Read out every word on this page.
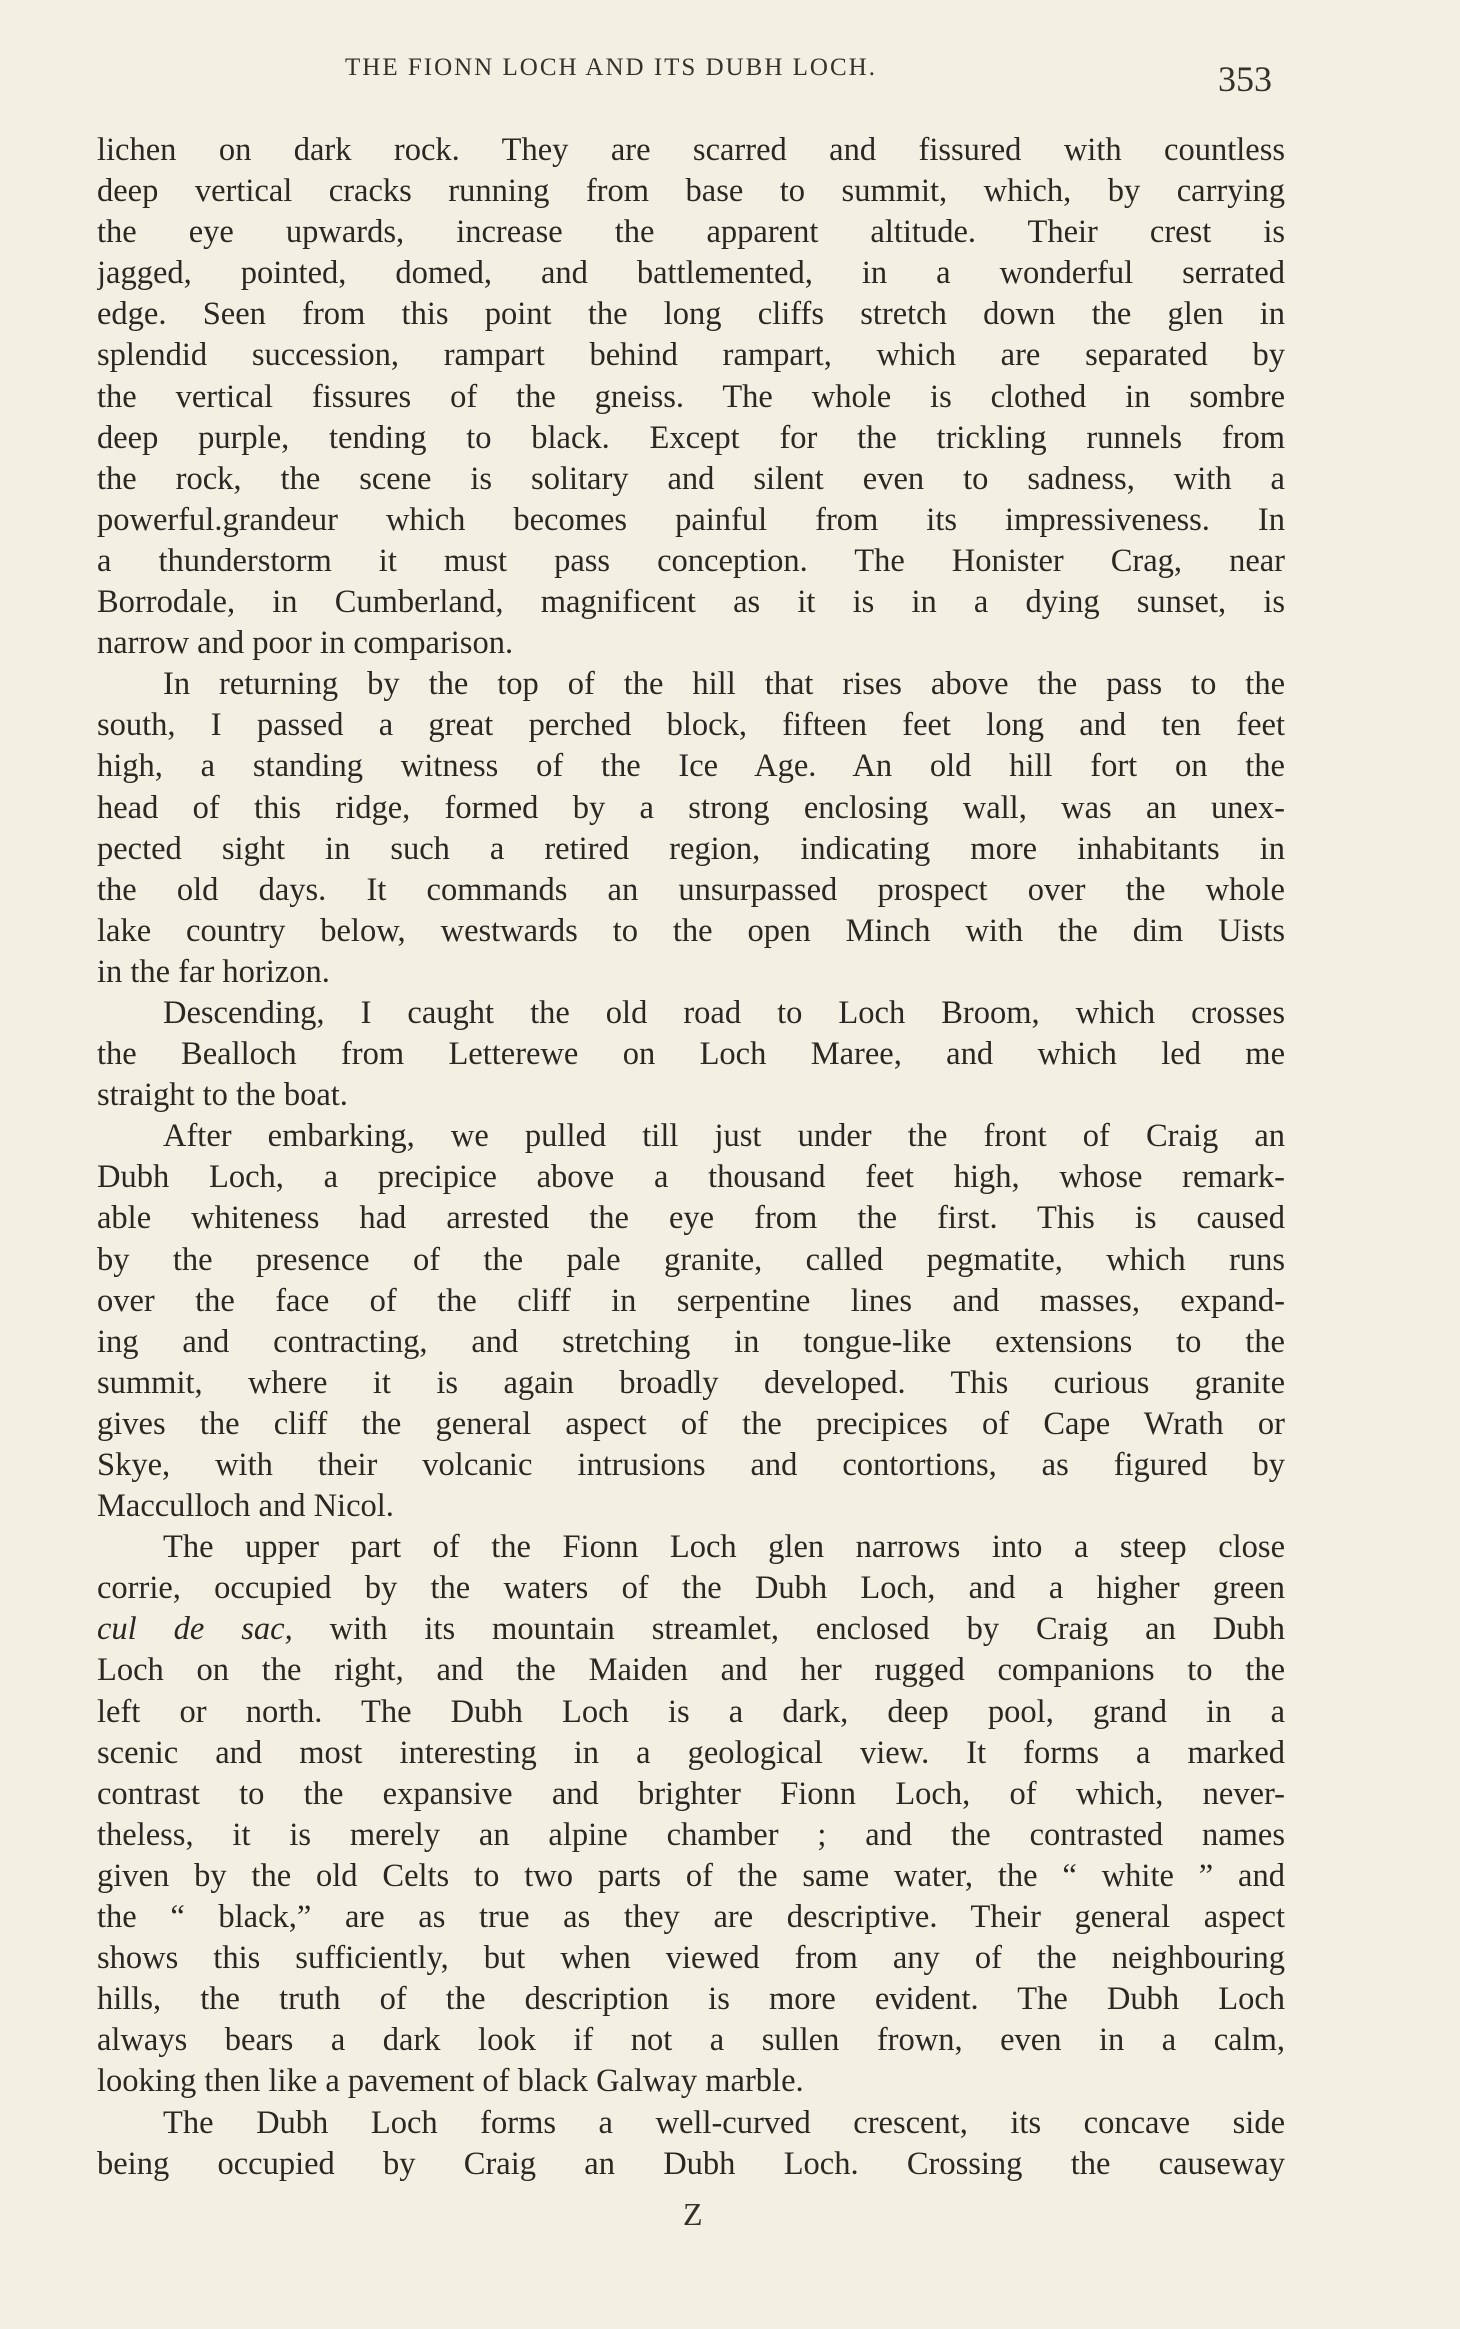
THE FIONN LOCH AND ITS DUBH LOCH.	353
lichen on dark rock. They are scarred and fissured with countless
deep vertical cracks running from base to summit, which, by carrying
the eye upwards, increase the apparent altitude. Their crest is
jagged, pointed, domed, and battlemented, in a wonderful serrated
edge. Seen from this point the long cliffs stretch down the glen in
splendid succession, rampart behind rampart, which are separated by
the vertical fissures of the gneiss. The whole is clothed in sombre
deep purple, tending to black. Except for the trickling runnels from
the rock, the scene is solitary and silent even to sadness, with a
powerful.grandeur which becomes painful from its impressiveness. In
a thunderstorm it must pass conception. The Honister Crag, near
Borrodale, in Cumberland, magnificent as it is in a dying sunset, is
narrow and poor in comparison.
In returning by the top of the hill that rises above the pass to the
south, I passed a great perched block, fifteen feet long and ten feet
high, a standing witness of the Ice Age. An old hill fort on the
head of this ridge, formed by a strong enclosing wall, was an unex-
pected sight in such a retired region, indicating more inhabitants in
the old days. It commands an unsurpassed prospect over the whole
lake country below, westwards to the open Minch with the dim Uists
in the far horizon.
Descending, I caught the old road to Loch Broom, which crosses
the Bealloch from Letterewe on Loch Maree, and which led me
straight to the boat.
After embarking, we pulled till just under the front of Craig an
Dubh Loch, a precipice above a thousand feet high, whose remark-
able whiteness had arrested the eye from the first. This is caused
by the presence of the pale granite, called pegmatite, which runs
over the face of the cliff in serpentine lines and masses, expand-
ing and contracting, and stretching in tongue-like extensions to the
summit, where it is again broadly developed. This curious granite
gives the cliff the general aspect of the precipices of Cape Wrath or
Skye, with their volcanic intrusions and contortions, as figured by
Macculloch and Nicol.
The upper part of the Fionn Loch glen narrows into a steep close
corrie, occupied by the waters of the Dubh Loch, and a higher green
cul de sac, with its mountain streamlet, enclosed by Craig an Dubh
Loch on the right, and the Maiden and her rugged companions to the
left or north. The Dubh Loch is a dark, deep pool, grand in a
scenic and most interesting in a geological view. It forms a marked
contrast to the expansive and brighter Fionn Loch, of which, never-
theless, it is merely an alpine chamber ; and the contrasted names
given by the old Celts to two parts of the same water, the “ white ” and
the “ black,” are as true as they are descriptive. Their general aspect
shows this sufficiently, but when viewed from any of the neighbouring
hills, the truth of the description is more evident. The Dubh Loch
always bears a dark look if not a sullen frown, even in a calm,
looking then like a pavement of black Galway marble.
The Dubh Loch forms a well-curved crescent, its concave side
being occupied by Craig an Dubh Loch. Crossing the causeway
Z
